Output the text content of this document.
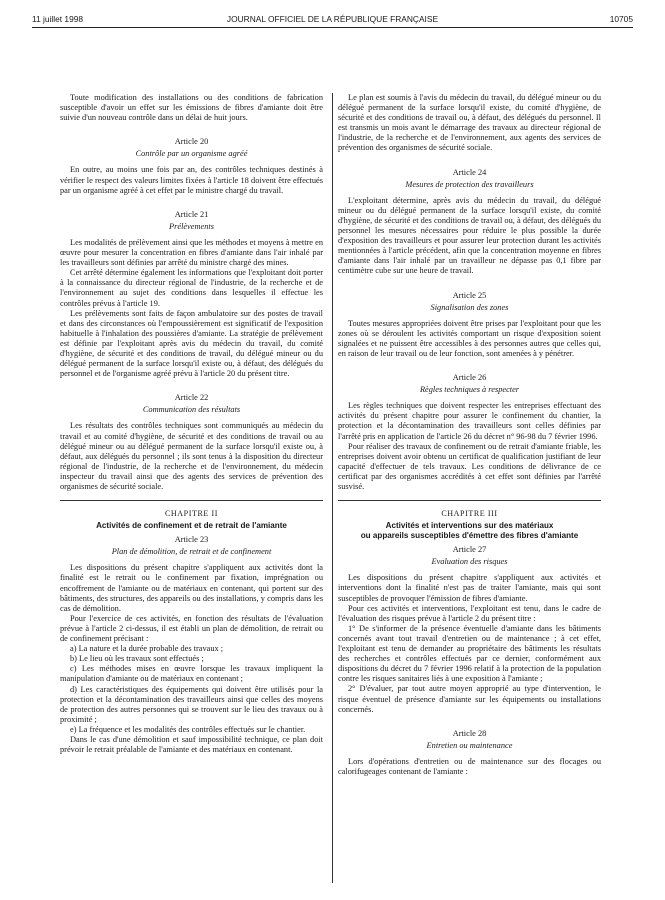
11 juillet 1998	JOURNAL OFFICIEL DE LA RÉPUBLIQUE FRANÇAISE	10705

Toute modification des installations ou des conditions de fabrication susceptible d'avoir un effet sur les émissions de fibres d'amiante doit être suivie d'un nouveau contrôle dans un délai de huit jours.

Article 20
Contrôle par un organisme agréé

En outre, au moins une fois par an, des contrôles techniques destinés à vérifier le respect des valeurs limites fixées à l'article 18 doivent être effectués par un organisme agréé à cet effet par le ministre chargé du travail.

Article 21
Prélèvements

Les modalités de prélèvement ainsi que les méthodes et moyens à mettre en œuvre pour mesurer la concentration en fibres d'amiante dans l'air inhalé par les travailleurs sont définies par arrêté du ministre chargé des mines.

Cet arrêté détermine également les informations que l'exploitant doit porter à la connaissance du directeur régional de l'industrie, de la recherche et de l'environnement au sujet des conditions dans lesquelles il effectue les contrôles prévus à l'article 19.

Les prélèvements sont faits de façon ambulatoire sur des postes de travail et dans des circonstances où l'empoussièrement est significatif de l'exposition habituelle à l'inhalation des poussières d'amiante. La stratégie de prélèvement est définie par l'exploitant après avis du médecin du travail, du comité d'hygiène, de sécurité et des conditions de travail, du délégué mineur ou du délégué permanent de la surface lorsqu'il existe ou, à défaut, des délégués du personnel et de l'organisme agréé prévu à l'article 20 du présent titre.

Article 22
Communication des résultats

Les résultats des contrôles techniques sont communiqués au médecin du travail et au comité d'hygiène, de sécurité et des conditions de travail ou au délégué mineur ou au délégué permanent de la surface lorsqu'il existe ou, à défaut, aux délégués du personnel ; ils sont tenus à la disposition du directeur régional de l'industrie, de la recherche et de l'environnement, du médecin inspecteur du travail ainsi que des agents des services de prévention des organismes de sécurité sociale.

CHAPITRE II
Activités de confinement et de retrait de l'amiante
Article 23
Plan de démolition, de retrait et de confinement

Les dispositions du présent chapitre s'appliquent aux activités dont la finalité est le retrait ou le confinement par fixation, imprégnation ou encoffrement de l'amiante ou de matériaux en contenant, qui portent sur des bâtiments, des structures, des appareils ou des installations, y compris dans les cas de démolition.

Pour l'exercice de ces activités, en fonction des résultats de l'évaluation prévue à l'article 2 ci-dessus, il est établi un plan de démolition, de retrait ou de confinement précisant :

a) La nature et la durée probable des travaux ;

b) Le lieu où les travaux sont effectués ;

c) Les méthodes mises en œuvre lorsque les travaux impliquent la manipulation d'amiante ou de matériaux en contenant ;

d) Les caractéristiques des équipements qui doivent être utilisés pour la protection et la décontamination des travailleurs ainsi que celles des moyens de protection des autres personnes qui se trouvent sur le lieu des travaux ou à proximité ;

e) La fréquence et les modalités des contrôles effectués sur le chantier.

Dans le cas d'une démolition et sauf impossibilité technique, ce plan doit prévoir le retrait préalable de l'amiante et des matériaux en contenant.

Le plan est soumis à l'avis du médecin du travail, du délégué mineur ou du délégué permanent de la surface lorsqu'il existe, du comité d'hygiène, de sécurité et des conditions de travail ou, à défaut, des délégués du personnel. Il est transmis un mois avant le démarrage des travaux au directeur régional de l'industrie, de la recherche et de l'environnement, aux agents des services de prévention des organismes de sécurité sociale.

Article 24
Mesures de protection des travailleurs

L'exploitant détermine, après avis du médecin du travail, du délégué mineur ou du délégué permanent de la surface lorsqu'il existe, du comité d'hygiène, de sécurité et des conditions de travail ou, à défaut, des délégués du personnel les mesures nécessaires pour réduire le plus possible la durée d'exposition des travailleurs et pour assurer leur protection durant les activités mentionnées à l'article précédent, afin que la concentration moyenne en fibres d'amiante dans l'air inhalé par un travailleur ne dépasse pas 0,1 fibre par centimètre cube sur une heure de travail.

Article 25
Signalisation des zones

Toutes mesures appropriées doivent être prises par l'exploitant pour que les zones où se déroulent les activités comportant un risque d'exposition soient signalées et ne puissent être accessibles à des personnes autres que celles qui, en raison de leur travail ou de leur fonction, sont amenées à y pénétrer.

Article 26
Règles techniques à respecter

Les règles techniques que doivent respecter les entreprises effectuant des activités du présent chapitre pour assurer le confinement du chantier, la protection et la décontamination des travailleurs sont celles définies par l'arrêté pris en application de l'article 26 du décret n° 96-98 du 7 février 1996.

Pour réaliser des travaux de confinement ou de retrait d'amiante friable, les entreprises doivent avoir obtenu un certificat de qualification justifiant de leur capacité d'effectuer de tels travaux. Les conditions de délivrance de ce certificat par des organismes accrédités à cet effet sont définies par l'arrêté susvisé.

CHAPITRE III
Activités et interventions sur des matériaux
ou appareils susceptibles d'émettre des fibres d'amiante
Article 27
Evaluation des risques

Les dispositions du présent chapitre s'appliquent aux activités et interventions dont la finalité n'est pas de traiter l'amiante, mais qui sont susceptibles de provoquer l'émission de fibres d'amiante.

Pour ces activités et interventions, l'exploitant est tenu, dans le cadre de l'évaluation des risques prévue à l'article 2 du présent titre :

1° De s'informer de la présence éventuelle d'amiante dans les bâtiments concernés avant tout travail d'entretien ou de maintenance ; à cet effet, l'exploitant est tenu de demander au propriétaire des bâtiments les résultats des recherches et contrôles effectués par ce dernier, conformément aux dispositions du décret du 7 février 1996 relatif à la protection de la population contre les risques sanitaires liés à une exposition à l'amiante ;

2° D'évaluer, par tout autre moyen approprié au type d'intervention, le risque éventuel de présence d'amiante sur les équipements ou installations concernés.

Article 28
Entretien ou maintenance

Lors d'opérations d'entretien ou de maintenance sur des flocages ou calorifugeages contenant de l'amiante :
